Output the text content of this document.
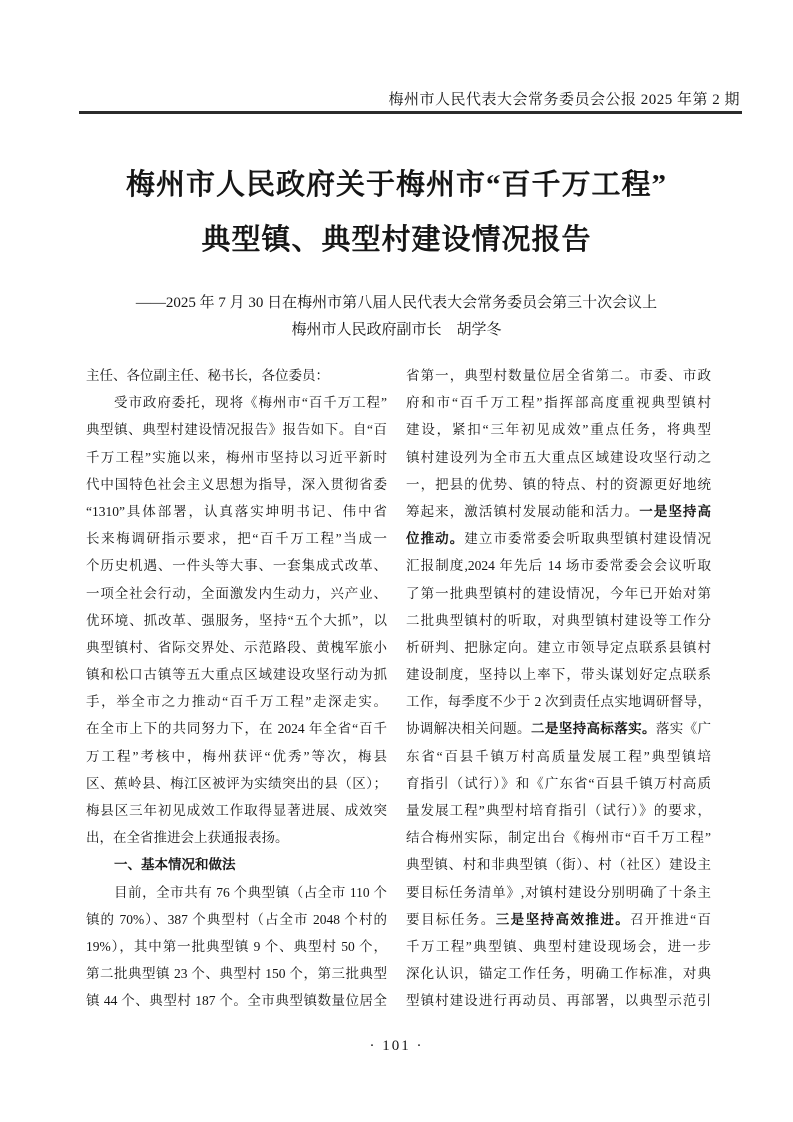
梅州市人民代表大会常务委员会公报 2025 年第 2 期
梅州市人民政府关于梅州市“百千万工程”
典型镇、典型村建设情况报告
——2025 年 7 月 30 日在梅州市第八届人民代表大会常务委员会第三十次会议上
梅州市人民政府副市长　胡学冬
主任、各位副主任、秘书长，各位委员：
受市政府委托，现将《梅州市“百千万工程”
典型镇、典型村建设情况报告》报告如下。自“百
千万工程”实施以来，梅州市坚持以习近平新时
代中国特色社会主义思想为指导，深入贯彻省委
“1310”具体部署，认真落实坤明书记、伟中省
长来梅调研指示要求，把“百千万工程”当成一
个历史机遇、一件头等大事、一套集成式改革、
一项全社会行动，全面激发内生动力，兴产业、
优环境、抓改革、强服务，坚持“五个大抓”，以
典型镇村、省际交界处、示范路段、黄槐军旅小
镇和松口古镇等五大重点区域建设攻坚行动为抓
手，举全市之力推动“百千万工程”走深走实。
在全市上下的共同努力下，在 2024 年全省“百千
万工程”考核中，梅州获评“优秀”等次，梅县
区、蕉岭县、梅江区被评为实绩突出的县（区）；
梅县区三年初见成效工作取得显著进展、成效突
出，在全省推进会上获通报表扬。
一、基本情况和做法
目前，全市共有 76 个典型镇（占全市 110 个
镇的 70%）、387 个典型村（占全市 2048 个村的
19%），其中第一批典型镇 9 个、典型村 50 个，
第二批典型镇 23 个、典型村 150 个，第三批典型
镇 44 个、典型村 187 个。全市典型镇数量位居全
省第一，典型村数量位居全省第二。市委、市政
府和市“百千万工程”指挥部高度重视典型镇村
建设，紧扣“三年初见成效”重点任务，将典型
镇村建设列为全市五大重点区域建设攻坚行动之
一，把县的优势、镇的特点、村的资源更好地统
筹起来，激活镇村发展动能和活力。一是坚持高
位推动。建立市委常委会听取典型镇村建设情况
汇报制度,2024 年先后 14 场市委常委会会议听取
了第一批典型镇村的建设情况，今年已开始对第
二批典型镇村的听取，对典型镇村建设等工作分
析研判、把脉定向。建立市领导定点联系县镇村
建设制度，坚持以上率下，带头谋划好定点联系
工作，每季度不少于 2 次到责任点实地调研督导，
协调解决相关问题。二是坚持高标落实。落实《广
东省“百县千镇万村高质量发展工程”典型镇培
育指引（试行）》和《广东省“百县千镇万村高质
量发展工程”典型村培育指引（试行）》的要求，
结合梅州实际，制定出台《梅州市“百千万工程”
典型镇、村和非典型镇（街）、村（社区）建设主
要目标任务清单》,对镇村建设分别明确了十条主
要目标任务。三是坚持高效推进。召开推进“百
千万工程”典型镇、典型村建设现场会，进一步
深化认识，锚定工作任务，明确工作标准，对典
型镇村建设进行再动员、再部署，以典型示范引
· 101 ·
